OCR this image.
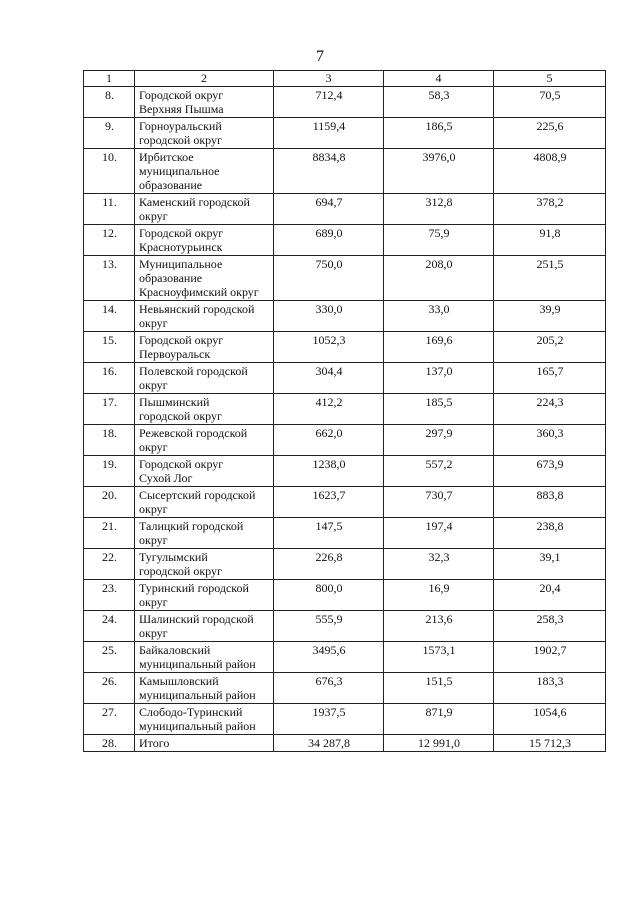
7
1	2	3	4	5
8.	Городской округ
Верхняя Пышма	712,4	58,3	70,5
9.	Горноуральский
городской округ	1159,4	186,5	225,6
10.	Ирбитское
муниципальное
образование	8834,8	3976,0	4808,9
11.	Каменский городской
округ	694,7	312,8	378,2
12.	Городской округ
Краснотурьинск	689,0	75,9	91,8
13.	Муниципальное
образование
Красноуфимский округ	750,0	208,0	251,5
14.	Невьянский городской
округ	330,0	33,0	39,9
15.	Городской округ
Первоуральск	1052,3	169,6	205,2
16.	Полевской городской
округ	304,4	137,0	165,7
17.	Пышминский
городской округ	412,2	185,5	224,3
18.	Режевской городской
округ	662,0	297,9	360,3
19.	Городской округ
Сухой Лог	1238,0	557,2	673,9
20.	Сысертский городской
округ	1623,7	730,7	883,8
21.	Талицкий городской
округ	147,5	197,4	238,8
22.	Тугулымский
городской округ	226,8	32,3	39,1
23.	Туринский городской
округ	800,0	16,9	20,4
24.	Шалинский городской
округ	555,9	213,6	258,3
25.	Байкаловский
муниципальный район	3495,6	1573,1	1902,7
26.	Камышловский
муниципальный район	676,3	151,5	183,3
27.	Слободо-Туринский
муниципальный район	1937,5	871,9	1054,6
28.	Итого	34 287,8	12 991,0	15 712,3
